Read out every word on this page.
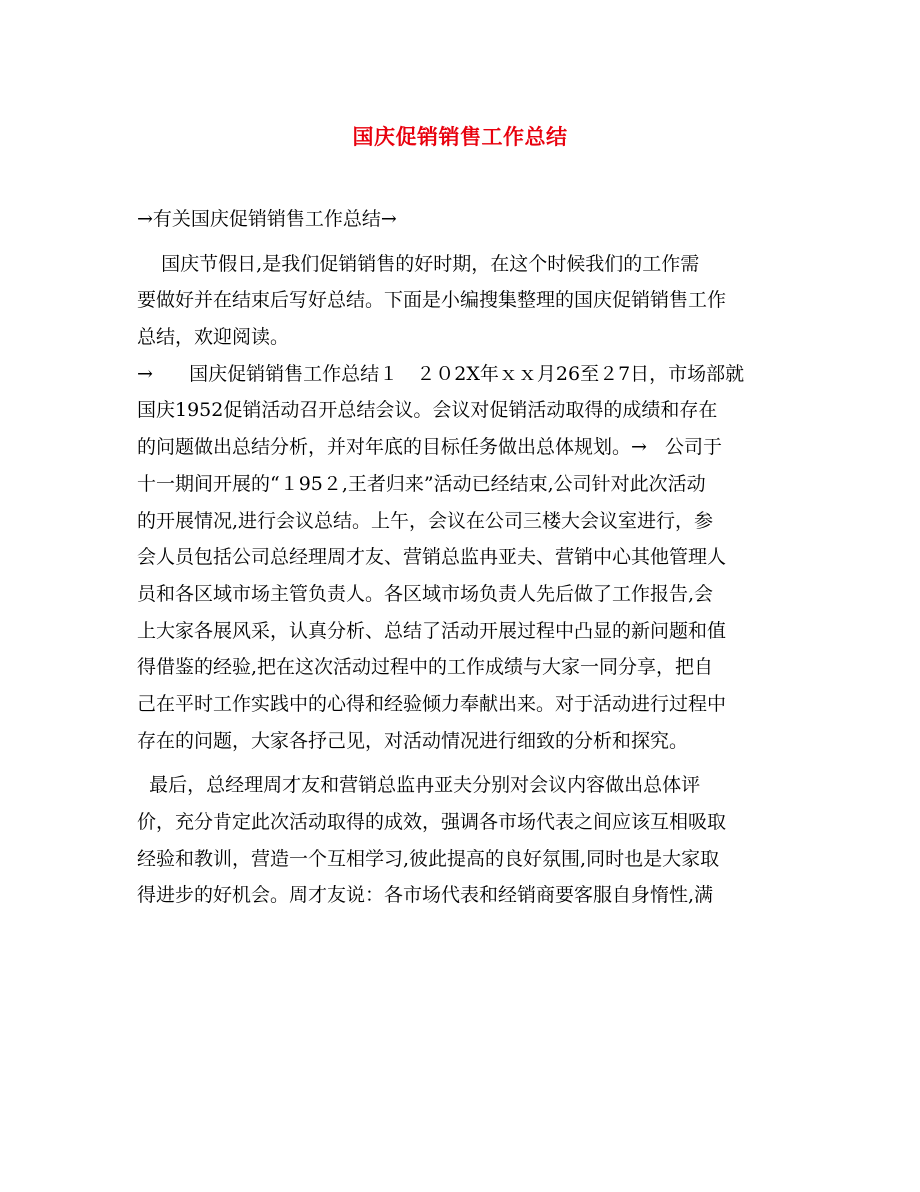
国庆促销销售工作总结
→有关国庆促销销售工作总结→
国庆节假日,是我们促销销售的好时期，在这个时候我们的工作需
要做好并在结束后写好总结。下面是小编搜集整理的国庆促销销售工作
总结，欢迎阅读。
→      国庆促销销售工作总结１   ２０2X年ｘｘ月26至２7日，市场部就
国庆1952促销活动召开总结会议。会议对促销活动取得的成绩和存在
的问题做出总结分析，并对年底的目标任务做出总体规划。→   公司于
十一期间开展的“１95２,王者归来”活动已经结束,公司针对此次活动
的开展情况,进行会议总结。上午，会议在公司三楼大会议室进行，参
会人员包括公司总经理周才友、营销总监冉亚夫、营销中心其他管理人
员和各区域市场主管负责人。各区域市场负责人先后做了工作报告,会
上大家各展风采，认真分析、总结了活动开展过程中凸显的新问题和值
得借鉴的经验,把在这次活动过程中的工作成绩与大家一同分享，把自
己在平时工作实践中的心得和经验倾力奉献出来。对于活动进行过程中
存在的问题，大家各抒己见，对活动情况进行细致的分析和探究。
最后，总经理周才友和营销总监冉亚夫分别对会议内容做出总体评
价，充分肯定此次活动取得的成效，强调各市场代表之间应该互相吸取
经验和教训，营造一个互相学习,彼此提高的良好氛围,同时也是大家取
得进步的好机会。周才友说：各市场代表和经销商要客服自身惰性,满
